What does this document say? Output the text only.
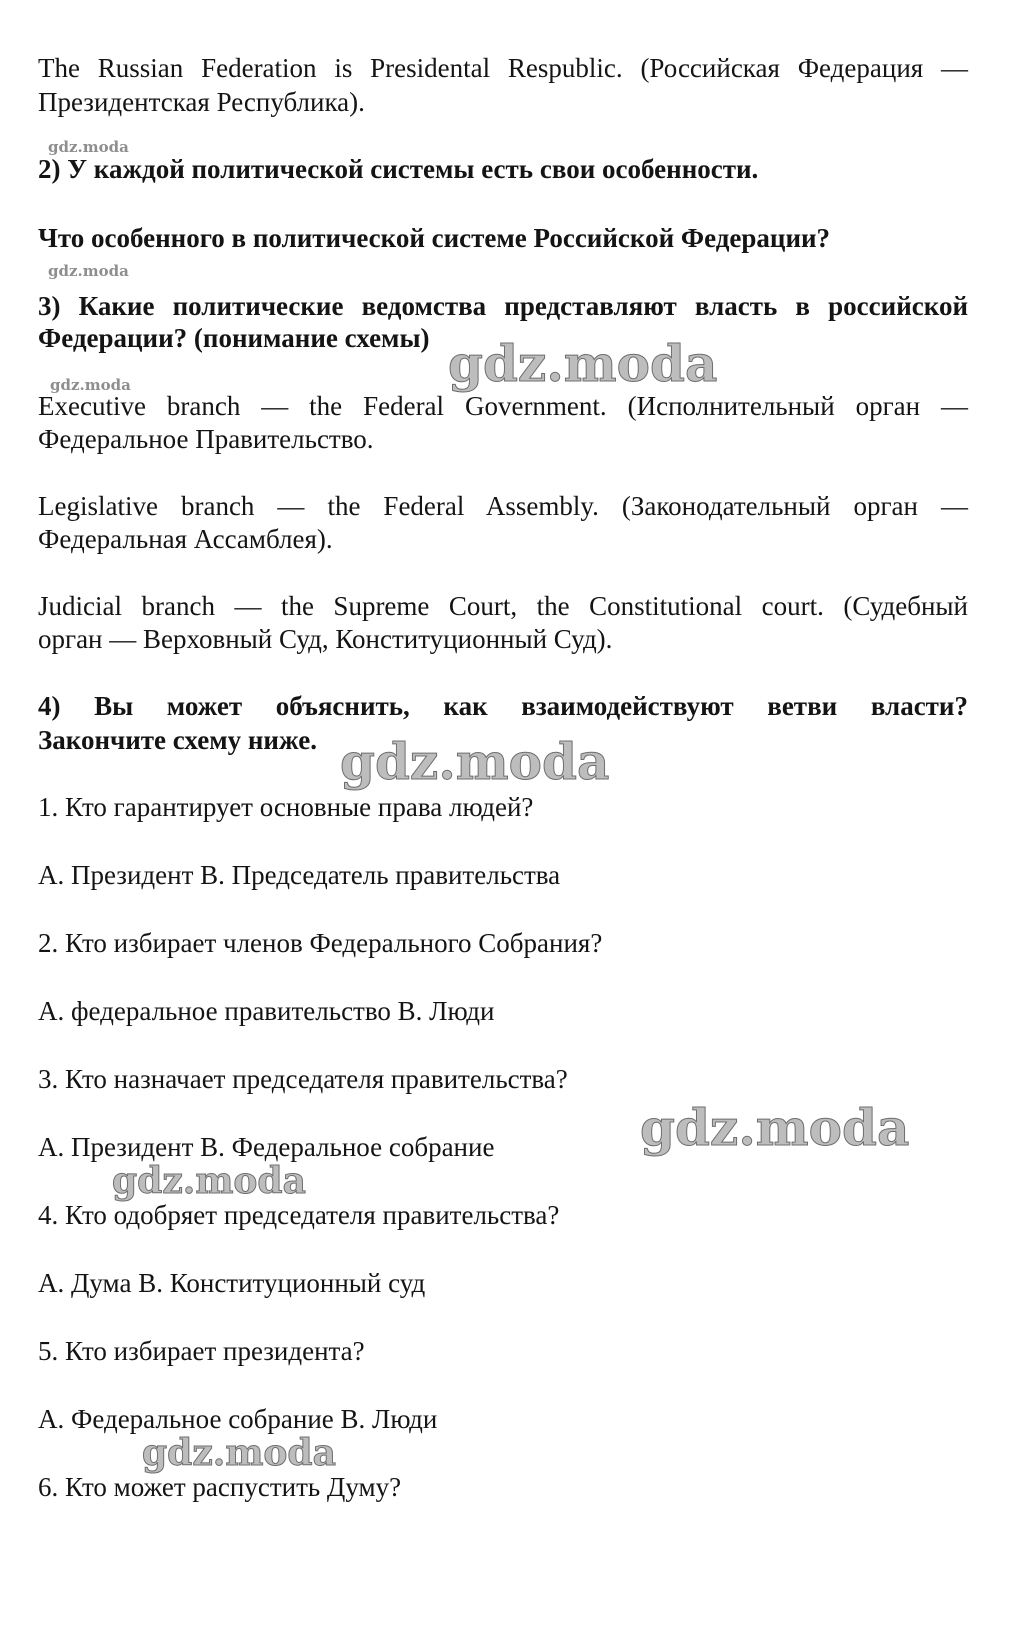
The Russian Federation is Presidental Respublic. (Российская Федерация —
Президентская Республика).
2) У каждой политической системы есть свои особенности.
Что особенного в политической системе Российской Федерации?
3) Какие политические ведомства представляют власть в российской
Федерации? (понимание схемы)
Executive branch — the Federal Government. (Исполнительный орган —
Федеральное Правительство.
Legislative branch — the Federal Assembly. (Законодательный орган —
Федеральная Ассамблея).
Judicial branch — the Supreme Court, the Constitutional court. (Судебный
орган — Верховный Суд, Конституционный Суд).
4) Вы может объяснить, как взаимодействуют ветви власти?
Закончите схему ниже.
1. Кто гарантирует основные права людей?
А. Президент В. Председатель правительства
2. Кто избирает членов Федерального Собрания?
А. федеральное правительство В. Люди
3. Кто назначает председателя правительства?
А. Президент В. Федеральное собрание
4. Кто одобряет председателя правительства?
А. Дума В. Конституционный суд
5. Кто избирает президента?
А. Федеральное собрание В. Люди
6. Кто может распустить Думу?
gdz.moda
gdz.moda
gdz.moda	gdz.moda
gdz.moda
gdz.moda
gdz.moda
gdz.moda
